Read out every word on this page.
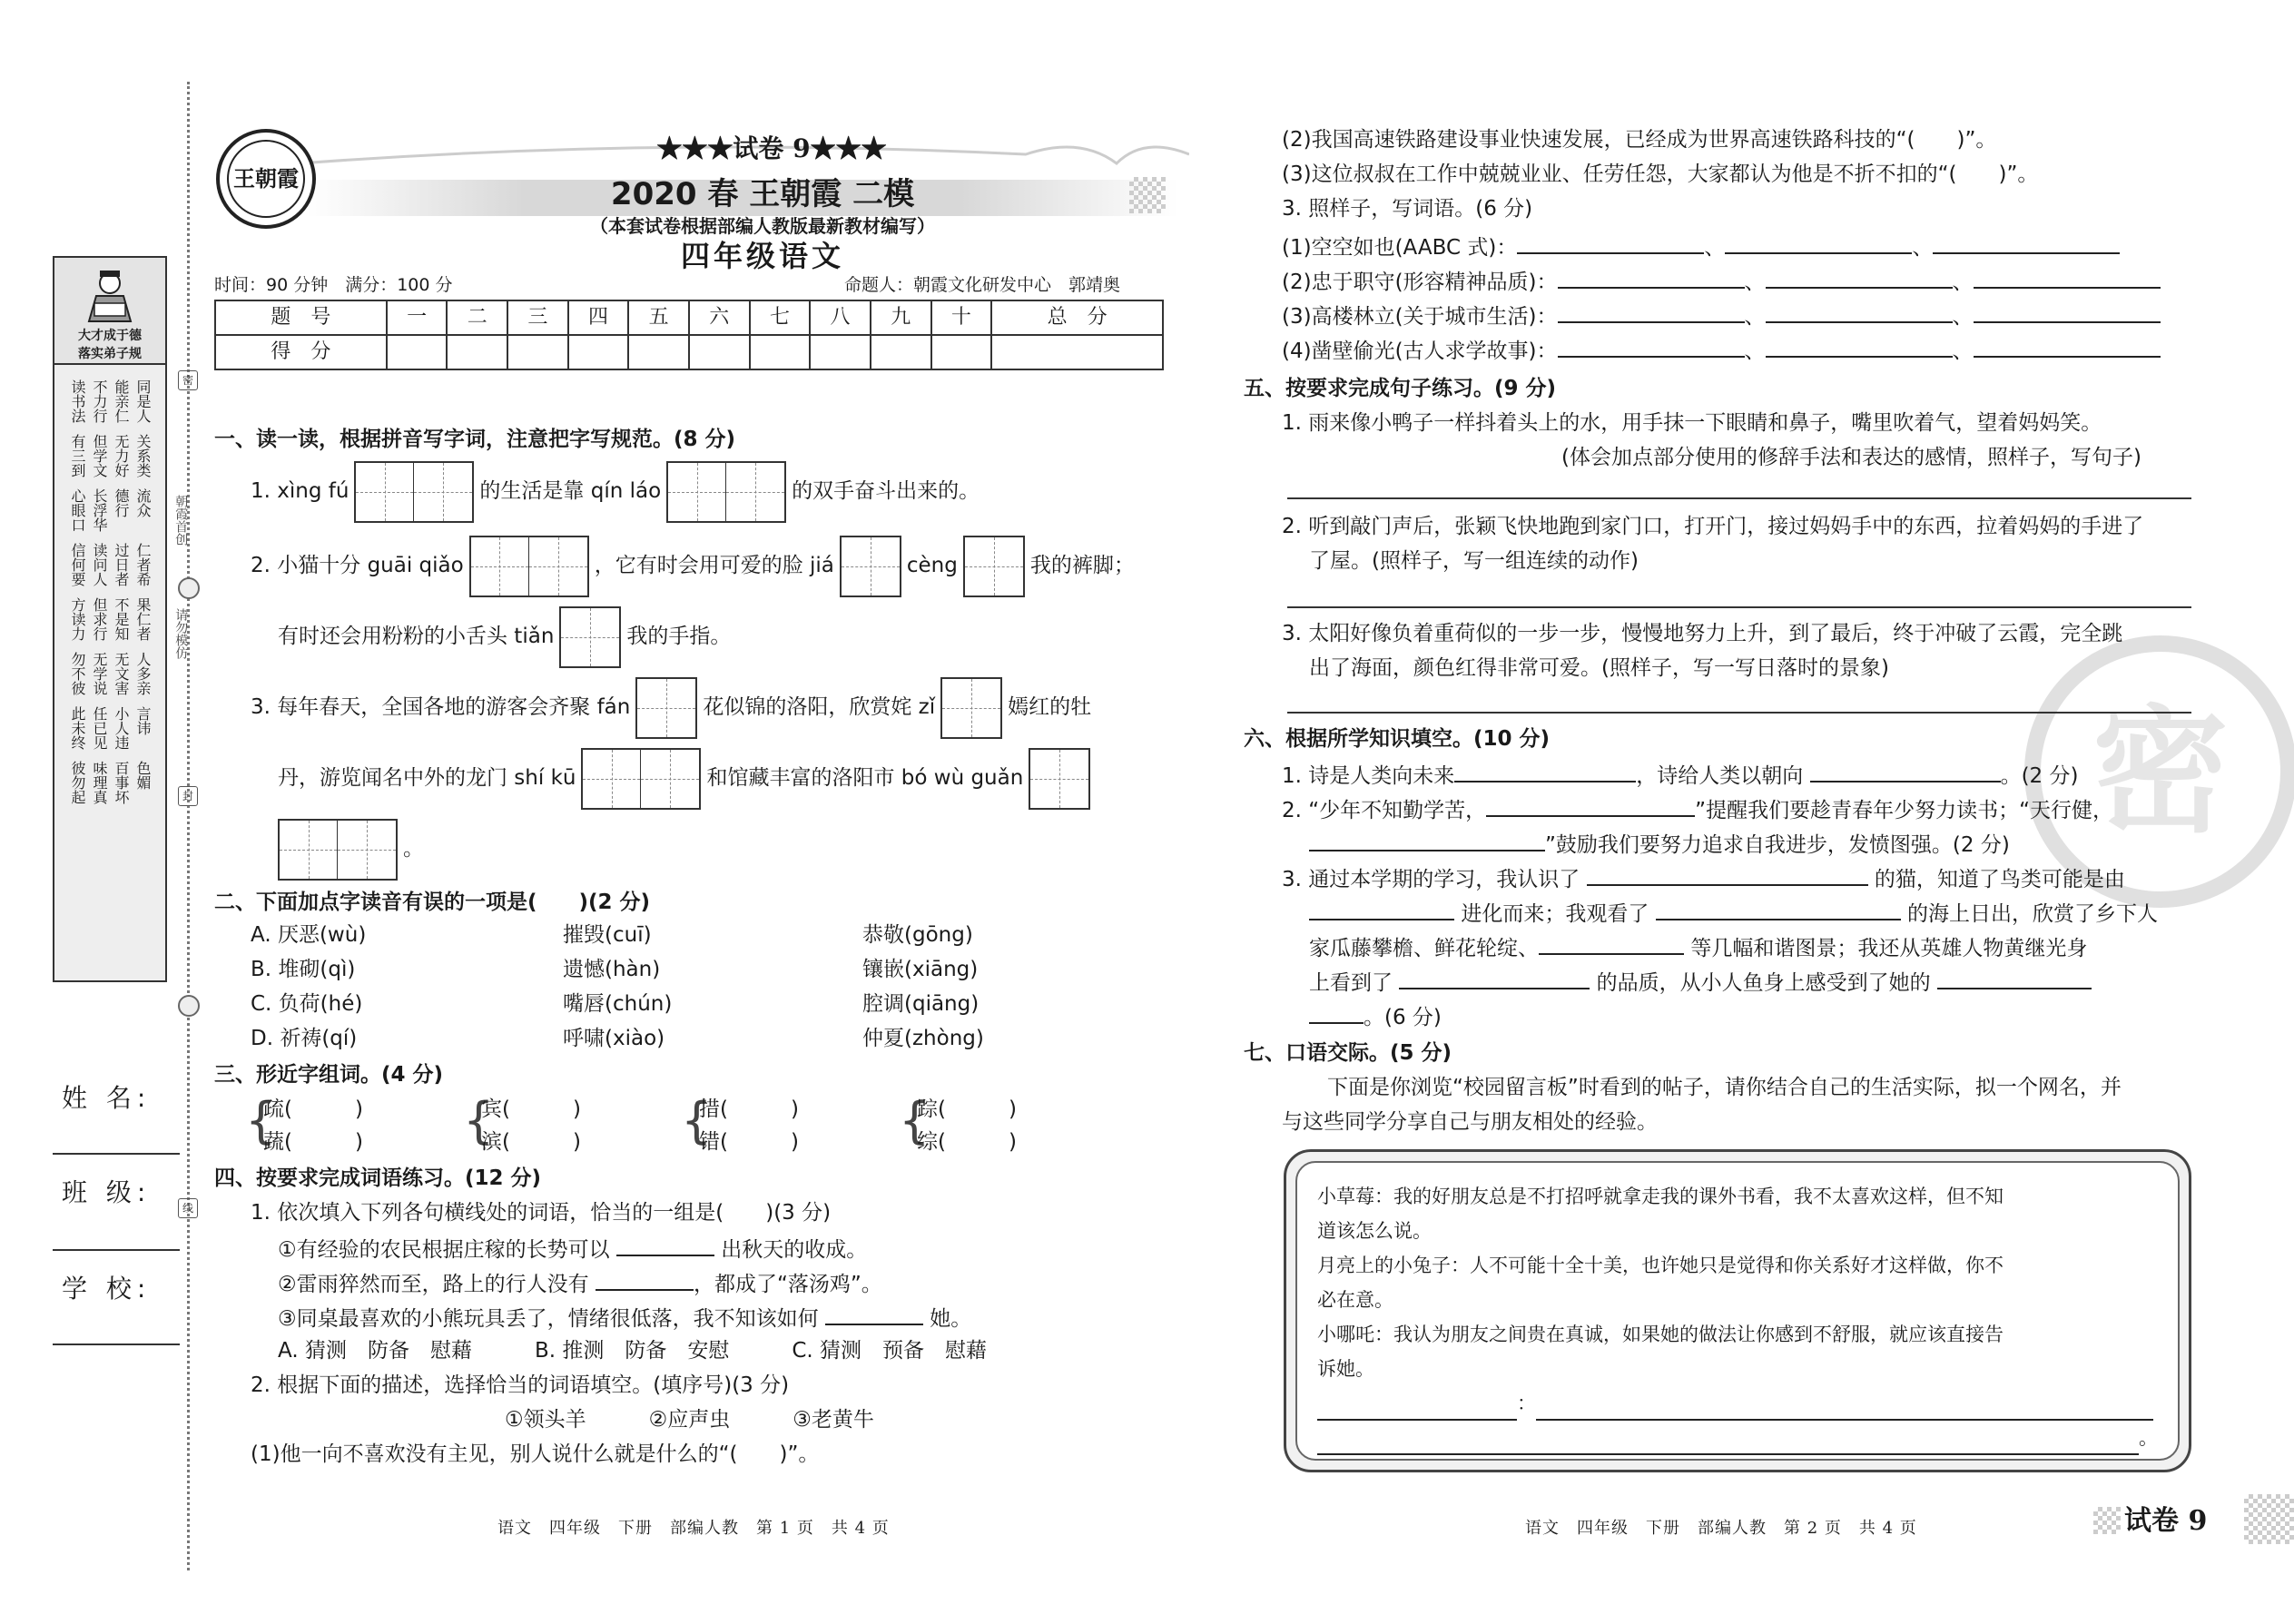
大才成于德
落实弟子规
读书法 不力行 能亲仁 同是人
有三到 但学文 无力好 关系类
心眼口 长浮华 德行 流众
信何要 读问人 过日者 仁者希
方读力 但求行 不是知 果仁者
勿不彼 无学说 无文害 人多亲
此未终 任已见 小人违 言讳
彼勿起 味理真 百事坏 色媚
朝霞首创
请勿模仿
密
封
线
姓 名:
班 级:
学 校:
王朝霞
★★★试卷 9★★★
2020 春 王朝霞 二模
（本套试卷根据部编人教版最新教材编写）
四年级语文
时间：90 分钟　满分：100 分	命题人：朝霞文化研发中心　郭靖奥
题　号	一	二	三	四	五	六	七	八	九	十	总　分
得　分											
一、读一读，根据拼音写字词，注意把字写规范。(8 分)
1. xìng fú	的生活是靠 qín láo	的双手奋斗出来的。
2. 小猫十分 guāi qiǎo	，它有时会用可爱的脸 jiá	cèng	我的裤脚；
有时还会用粉粉的小舌头 tiǎn	我的手指。
3. 每年春天，全国各地的游客会齐聚 fán	花似锦的洛阳，欣赏姹 zǐ	嫣红的牡
丹，游览闻名中外的龙门 shí kū	和馆藏丰富的洛阳市 bó wù guǎn
。
二、下面加点字读音有误的一项是(　　)(2 分)
A. 厌恶(wù)	摧毁(cuī)	恭敬(gōng)
B. 堆砌(qì)	遗憾(hàn)	镶嵌(xiāng)
C. 负荷(hé)	嘴唇(chún)	腔调(qiāng)
D. 祈祷(qí)	呼啸(xiào)	仲夏(zhòng)
三、形近字组词。(4 分)
{
疏(　　　)
蔬(　　　) {
宾(　　　)
滨(　　　) {
措(　　　)
错(　　　) {
踪(　　　)
综(　　　)
四、按要求完成词语练习。(12 分)
1. 依次填入下列各句横线处的词语，恰当的一组是(　　)(3 分)
①有经验的农民根据庄稼的长势可以	出秋天的收成。
②雷雨猝然而至，路上的行人没有	，都成了“落汤鸡”。
③同桌最喜欢的小熊玩具丢了，情绪很低落，我不知该如何	她。
A. 猜测　防备　慰藉　　　B. 推测　防备　安慰　　　C. 猜测　预备　慰藉
2. 根据下面的描述，选择恰当的词语填空。(填序号)(3 分)
①领头羊　　　②应声虫　　　③老黄牛
(1)他一向不喜欢没有主见，别人说什么就是什么的“(　　)”。
语文　四年级　下册　部编人教　第 1 页　共 4 页
密
(2)我国高速铁路建设事业快速发展，已经成为世界高速铁路科技的“(　　)”。
(3)这位叔叔在工作中兢兢业业、任劳任怨，大家都认为他是不折不扣的“(　　)”。
3. 照样子，写词语。(6 分)
(1)空空如也(AABC 式)：	、	、
(2)忠于职守(形容精神品质)：	、	、
(3)高楼林立(关于城市生活)：	、	、
(4)凿壁偷光(古人求学故事)：	、	、
五、按要求完成句子练习。(9 分)
1. 雨来像小鸭子一样抖着头上的水，用手抹一下眼睛和鼻子，嘴里吹着气，望着妈妈笑。
(体会加点部分使用的修辞手法和表达的感情，照样子，写句子)
2. 听到敲门声后，张颖飞快地跑到家门口，打开门，接过妈妈手中的东西，拉着妈妈的手进了
了屋。(照样子，写一组连续的动作)
3. 太阳好像负着重荷似的一步一步，慢慢地努力上升，到了最后，终于冲破了云霞，完全跳
出了海面，颜色红得非常可爱。(照样子，写一写日落时的景象)
六、根据所学知识填空。(10 分)
1. 诗是人类向未来	，诗给人类以朝向	。(2 分)
2. “少年不知勤学苦，	”提醒我们要趁青春年少努力读书；“天行健，
”鼓励我们要努力追求自我进步，发愤图强。(2 分)
3. 通过本学期的学习，我认识了	的猫，知道了鸟类可能是由
进化而来；我观看了	的海上日出，欣赏了乡下人
家瓜藤攀檐、鲜花轮绽、	等几幅和谐图景；我还从英雄人物黄继光身
上看到了	的品质，从小人鱼身上感受到了她的
。(6 分)
七、口语交际。(5 分)
下面是你浏览“校园留言板”时看到的帖子，请你结合自己的生活实际，拟一个网名，并
与这些同学分享自己与朋友相处的经验。
小草莓：我的好朋友总是不打招呼就拿走我的课外书看，我不太喜欢这样，但不知
道该怎么说。
月亮上的小兔子：人不可能十全十美，也许她只是觉得和你关系好才这样做，你不
必在意。
小哪吒：我认为朋友之间贵在真诚，如果她的做法让你感到不舒服，就应该直接告
诉她。
：
。
语文　四年级　下册　部编人教　第 2 页　共 4 页	试卷 9
